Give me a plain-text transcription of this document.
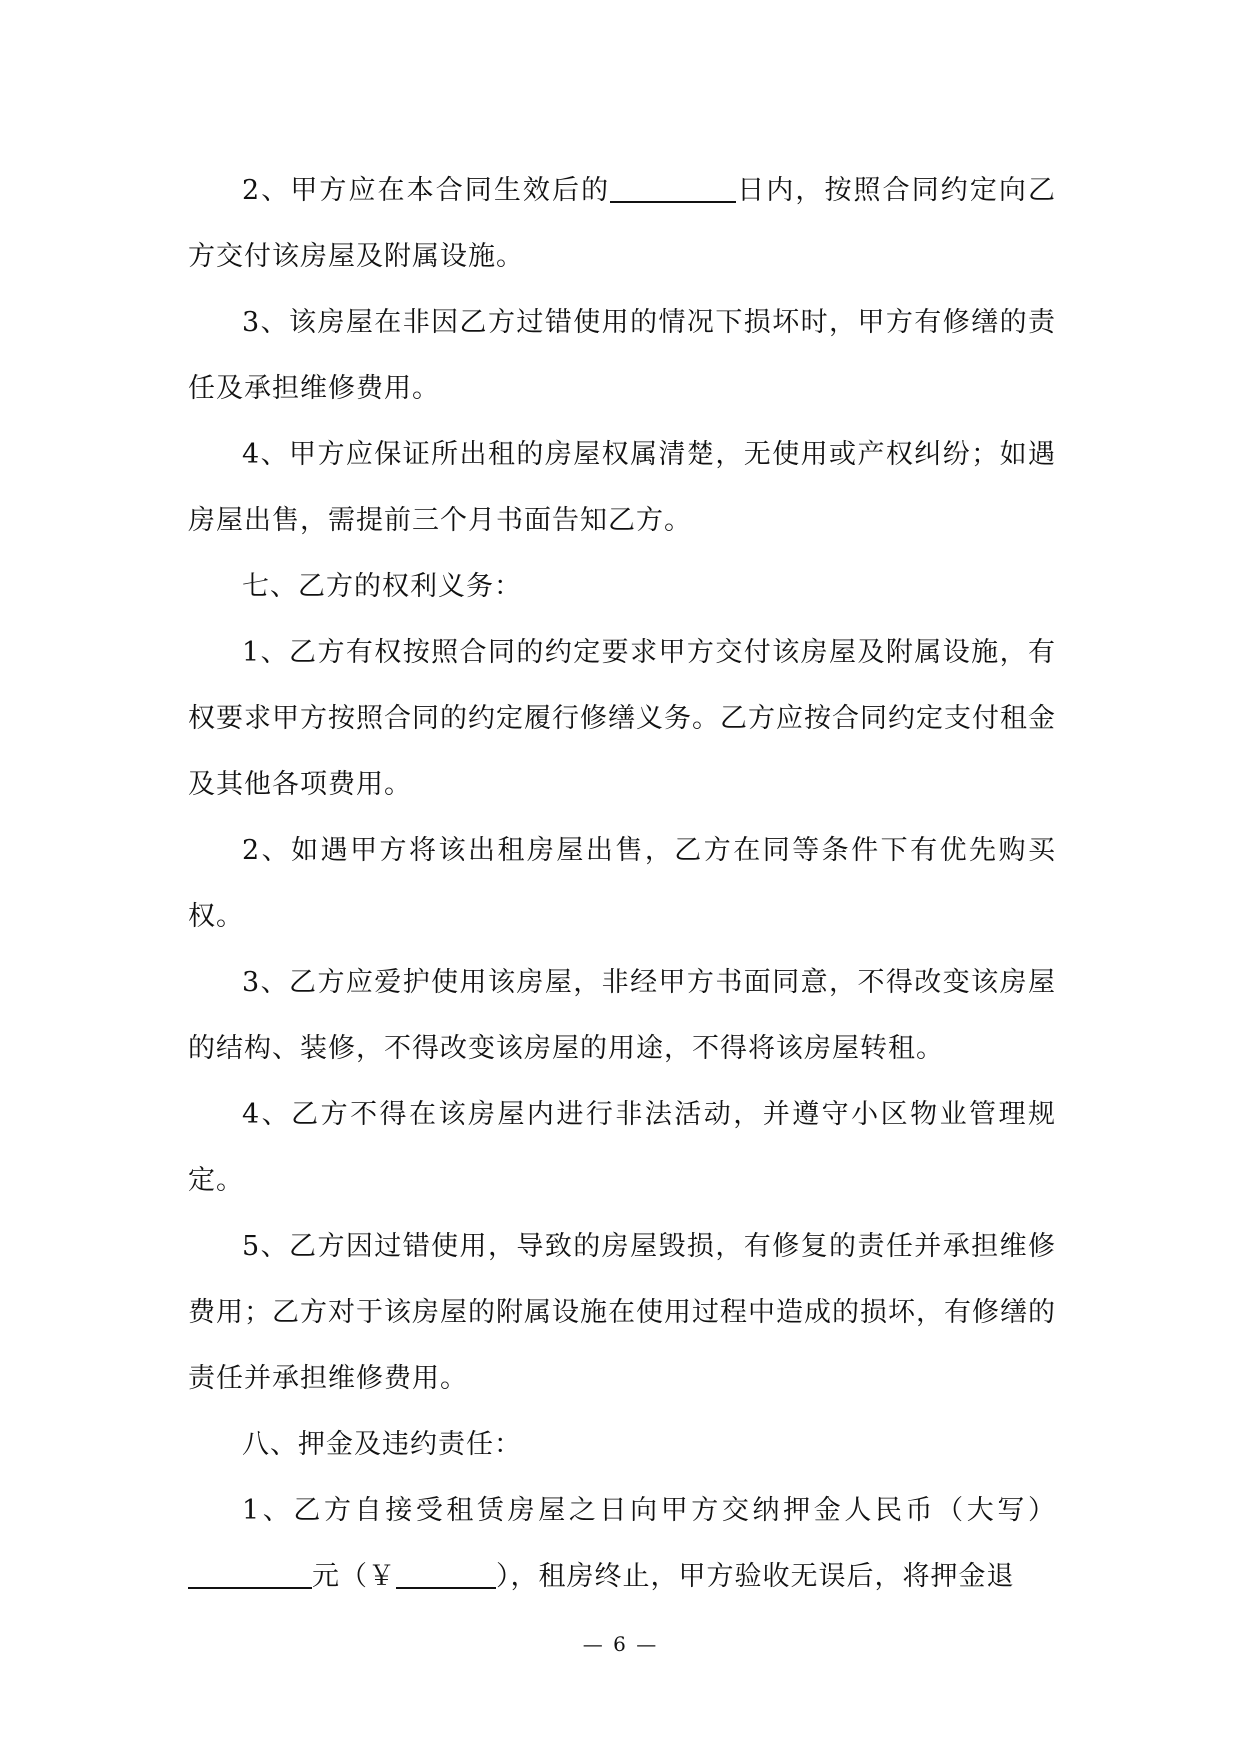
2、甲方应在本合同生效后的	日内，按照合同约定向乙方交付该房屋及附属设施。

3、该房屋在非因乙方过错使用的情况下损坏时，甲方有修缮的责任及承担维修费用。

4、甲方应保证所出租的房屋权属清楚，无使用或产权纠纷；如遇房屋出售，需提前三个月书面告知乙方。

七、乙方的权利义务：

1、乙方有权按照合同的约定要求甲方交付该房屋及附属设施，有权要求甲方按照合同的约定履行修缮义务。乙方应按合同约定支付租金及其他各项费用。

2、如遇甲方将该出租房屋出售，乙方在同等条件下有优先购买权。

3、乙方应爱护使用该房屋，非经甲方书面同意，不得改变该房屋的结构、装修，不得改变该房屋的用途，不得将该房屋转租。

4、乙方不得在该房屋内进行非法活动，并遵守小区物业管理规定。

5、乙方因过错使用，导致的房屋毁损，有修复的责任并承担维修费用；乙方对于该房屋的附属设施在使用过程中造成的损坏，有修缮的责任并承担维修费用。

八、押金及违约责任：

1、乙方自接受租赁房屋之日向甲方交纳押金人民币（大写）元（￥	），租房终止，甲方验收无误后，将押金退

— 6 —
